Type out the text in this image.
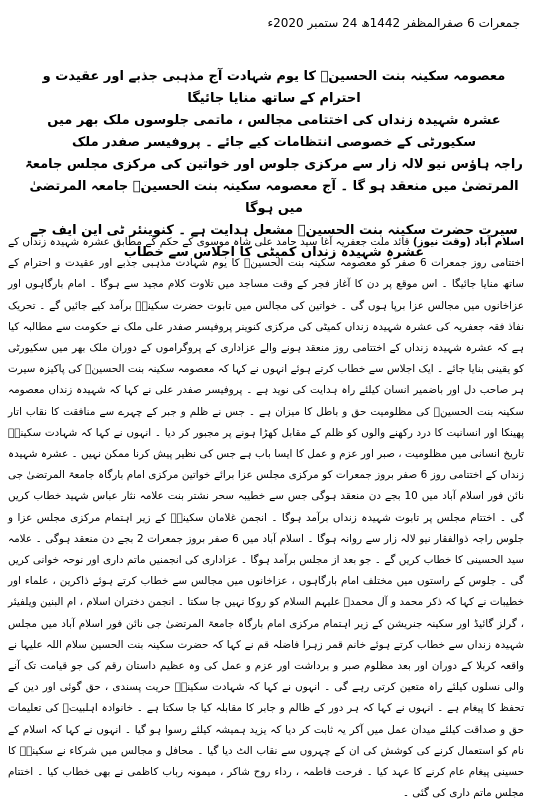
جمعرات 6 صفرالمظفر 1442ھ 24 ستمبر 2020ء

معصومہ سکینہ بنت الحسینؑ کا یوم شہادت آج مذہبی جذبے اور عقیدت و احترام کے ساتھ منایا جائیگا

عشرہ شہیدہ زنداں کی اختتامی مجالس ، ماتمی جلوسوں ملک بھر میں سکیورٹی کے خصوصی انتظامات کیے جائے ۔ پروفیسر صفدر ملک

راجہ ہاؤس نیو لالہ زار سے مرکزی جلوس اور خواتین کی مرکزی مجلس جامعۃ المرتضیٰ میں منعقد ہو گا ۔ آج معصومہ سکینہ بنت الحسینؑ جامعہ المرتضیٰ میں ہوگا

سیرت حضرت سکینہ بنت الحسینؑ مشعل ہدایت ہے ۔ کنوینئر ٹی این ایف جے عشرہ شہیدہ زنداں کمیٹی کا اجلاس سے خطاب

اسلام آباد (وقت نیوز) قائد ملت جعفریہ آغا سید حامد علی شاہ موسوی کے حکم کے مطابق عشرہ شہیدہ زنداں کے اختتامی روز جمعرات 6 صفر کو معصومہ سکینہ بنت الحسینؑ کا یوم شہادت مذہبی جذبے اور عقیدت و احترام کے ساتھ منایا جائیگا ۔ اس موقع پر دن کا آغاز فجر کے وقت مساجد میں تلاوت کلام مجید سے ہوگا ۔ امام بارگاہوں اور عزاخانوں میں مجالس عزا برپا ہوں گی ۔ خواتین کی مجالس میں تابوت حضرت سکینہؑ برآمد کیے جائیں گے ۔ تحریک نفاذ فقہ جعفریہ کی عشرہ شہیدہ زنداں کمیٹی کی مرکزی کنوینر پروفیسر صفدر علی ملک نے حکومت سے مطالبہ کیا ہے کہ عشرہ شہیدہ زنداں کے اختتامی روز منعقد ہونے والے عزاداری کے پروگراموں کے دوران ملک بھر میں سکیورٹی کو یقینی بنایا جائے ۔ ایک اجلاس سے خطاب کرتے ہوئے انہوں نے کہا کہ معصومہ سکینہ بنت الحسینؑ کی پاکیزہ سیرت ہر صاحب دل اور باضمیر انسان کیلئے راہ ہدایت کی نوید ہے ۔ پروفیسر صفدر علی نے کہا کہ شہیدہ زنداں معصومہ سکینہ بنت الحسینؑ کی مظلومیت حق و باطل کا میزان ہے ۔ جس نے ظلم و جبر کے چہرے سے منافقت کا نقاب اتار پھینکا اور انسانیت کا درد رکھنے والوں کو ظلم کے مقابل کھڑا ہونے پر مجبور کر دیا ۔ انہوں نے کہا کہ شہادت سکینہؑ تاریخ انسانی میں مظلومیت ، صبر اور عزم و عمل کا ایسا باب ہے جس کی نظیر پیش کرنا ممکن نہیں ۔ عشرہ شہیدہ زنداں کے اختتامی روز 6 صفر بروز جمعرات کو مرکزی مجلس عزا برائے خواتین مرکزی امام بارگاہ جامعۃ المرتضیٰ جی نائن فور اسلام آباد میں 10 بجے دن منعقد ہوگی جس سے خطیبہ سحر نشتر بنت علامہ نثار عباس شہید خطاب کریں گی ۔ اختتام مجلس پر تابوت شہیدہ زنداں برآمد ہوگا ۔ انجمن غلامان سکینہؑ کے زیر اہتمام مرکزی مجلس عزا و جلوس راجہ ذوالفقار نیو لالہ زار سے روانہ ہوگا ۔ اسلام آباد میں 6 صفر بروز جمعرات 2 بجے دن منعقد ہوگی ۔ علامہ سید الحسینی کا خطاب کریں گے ۔ جو بعد از مجلس برآمد ہوگا ۔ عزاداری کی انجمنیں ماتم داری اور نوحہ خوانی کریں گی ۔ جلوس کے راستوں میں مختلف امام بارگاہوں ، عزاخانوں میں مجالس سے خطاب کرتے ہوئے ذاکرین ، علماء اور خطیبات نے کہا کہ ذکر محمد و آل محمدؐ علیہم السلام کو روکا نہیں جا سکتا ۔ انجمن دختران اسلام ، ام البنین ویلفیئر ، گرلز گائیڈ اور سکینہ جنریشن کے زیر اہتمام مرکزی امام بارگاہ جامعۃ المرتضیٰ جی نائن فور اسلام آباد میں مجلس شہیدہ زنداں سے خطاب کرتے ہوئے خانم قمر زہرا فاضلہ قم نے کہا کہ حضرت سکینہ بنت الحسین سلام اللہ علیہا نے واقعہ کربلا کے دوران اور بعد مظلوم صبر و برداشت اور عزم و عمل کی وہ عظیم داستان رقم کی جو قیامت تک آنے والی نسلوں کیلئے راہ متعین کرتی رہے گی ۔ انہوں نے کہا کہ شہادت سکینہؑ حریت پسندی ، حق گوئی اور دین کے تحفظ کا پیغام ہے ۔ انہوں نے کہا کہ ہر دور کے ظالم و جابر کا مقابلہ کیا جا سکتا ہے ۔ خانوادہ اہلبیتؑ کی تعلیمات حق و صداقت کیلئے میدان عمل میں آکر یہ ثابت کر دیا کہ یزید ہمیشہ کیلئے رسوا ہو گیا ۔ انہوں نے کہا کہ اسلام کے نام کو استعمال کرنے کی کوشش کی ان کے چہروں سے نقاب الٹ دیا گیا ۔ محافل و مجالس میں شرکاء نے سکینہؑ کا حسینی پیغام عام کرنے کا عہد کیا ۔ فرحت فاطمہ ، رداء روح شاکر ، میمونہ رباب کاظمی نے بھی خطاب کیا ۔ اختتام مجلس ماتم داری کی گئی ۔
